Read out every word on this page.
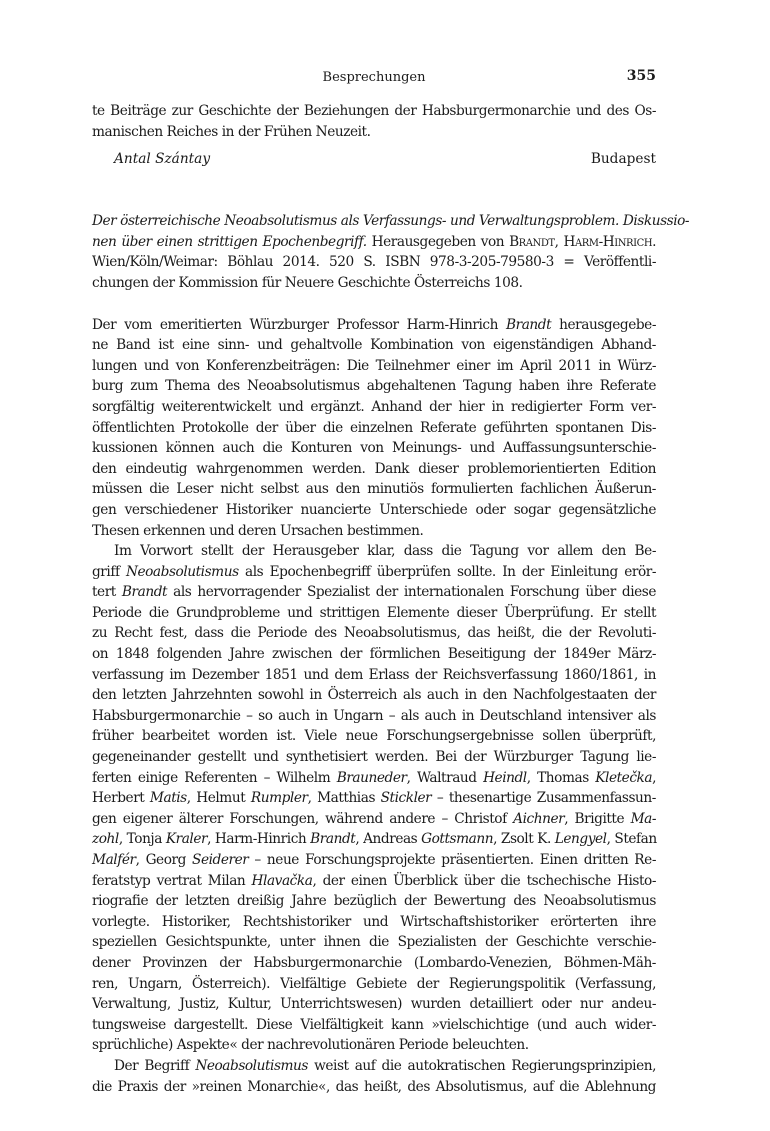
Besprechungen	355
te Beiträge zur Geschichte der Beziehungen der Habsburgermonarchie und des Os-
manischen Reiches in der Frühen Neuzeit.
Antal Szántay	Budapest
Der österreichische Neoabsolutismus als Verfassungs- und Verwaltungsproblem. Diskussio-
nen über einen strittigen Epochenbegriff. Herausgegeben von Brandt, Harm-Hinrich.
Wien/Köln/Weimar: Böhlau 2014. 520 S. ISBN 978-3-205-79580-3 = Veröffentli-
chungen der Kommission für Neuere Geschichte Österreichs 108.
Der vom emeritierten Würzburger Professor Harm-Hinrich Brandt herausgegebe-
ne Band ist eine sinn- und gehaltvolle Kombination von eigenständigen Abhand-
lungen und von Konferenzbeiträgen: Die Teilnehmer einer im April 2011 in Würz-
burg zum Thema des Neoabsolutismus abgehaltenen Tagung haben ihre Referate
sorgfältig weiterentwickelt und ergänzt. Anhand der hier in redigierter Form ver-
öffentlichten Protokolle der über die einzelnen Referate geführten spontanen Dis-
kussionen können auch die Konturen von Meinungs- und Auffassungsunterschie-
den eindeutig wahrgenommen werden. Dank dieser problemorientierten Edition
müssen die Leser nicht selbst aus den minutiös formulierten fachlichen Äußerun-
gen verschiedener Historiker nuancierte Unterschiede oder sogar gegensätzliche
Thesen erkennen und deren Ursachen bestimmen.
Im Vorwort stellt der Herausgeber klar, dass die Tagung vor allem den Be-
griff Neoabsolutismus als Epochenbegriff überprüfen sollte. In der Einleitung erör-
tert Brandt als hervorragender Spezialist der internationalen Forschung über diese
Periode die Grundprobleme und strittigen Elemente dieser Überprüfung. Er stellt
zu Recht fest, dass die Periode des Neoabsolutismus, das heißt, die der Revoluti-
on 1848 folgenden Jahre zwischen der förmlichen Beseitigung der 1849er März-
verfassung im Dezember 1851 und dem Erlass der Reichsverfassung 1860/1861, in
den letzten Jahrzehnten sowohl in Österreich als auch in den Nachfolgestaaten der
Habsburgermonarchie – so auch in Ungarn – als auch in Deutschland intensiver als
früher bearbeitet worden ist. Viele neue Forschungsergebnisse sollen überprüft,
gegeneinander gestellt und synthetisiert werden. Bei der Würzburger Tagung lie-
ferten einige Referenten – Wilhelm Brauneder, Waltraud Heindl, Thomas Kletečka,
Herbert Matis, Helmut Rumpler, Matthias Stickler – thesenartige Zusammenfassun-
gen eigener älterer Forschungen, während andere – Christof Aichner, Brigitte Ma-
zohl, Tonja Kraler, Harm-Hinrich Brandt, Andreas Gottsmann, Zsolt K. Lengyel, Stefan
Malfér, Georg Seiderer – neue Forschungsprojekte präsentierten. Einen dritten Re-
feratstyp vertrat Milan Hlavačka, der einen Überblick über die tschechische Histo-
riografie der letzten dreißig Jahre bezüglich der Bewertung des Neoabsolutismus
vorlegte. Historiker, Rechtshistoriker und Wirtschaftshistoriker erörterten ihre
speziellen Gesichtspunkte, unter ihnen die Spezialisten der Geschichte verschie-
dener Provinzen der Habsburgermonarchie (Lombardo-Venezien, Böhmen-Mäh-
ren, Ungarn, Österreich). Vielfältige Gebiete der Regierungspolitik (Verfassung,
Verwaltung, Justiz, Kultur, Unterrichtswesen) wurden detailliert oder nur andeu-
tungsweise dargestellt. Diese Vielfältigkeit kann »vielschichtige (und auch wider-
sprüchliche) Aspekte« der nachrevolutionären Periode beleuchten.
Der Begriff Neoabsolutismus weist auf die autokratischen Regierungsprinzipien,
die Praxis der »reinen Monarchie«, das heißt, des Absolutismus, auf die Ablehnung
